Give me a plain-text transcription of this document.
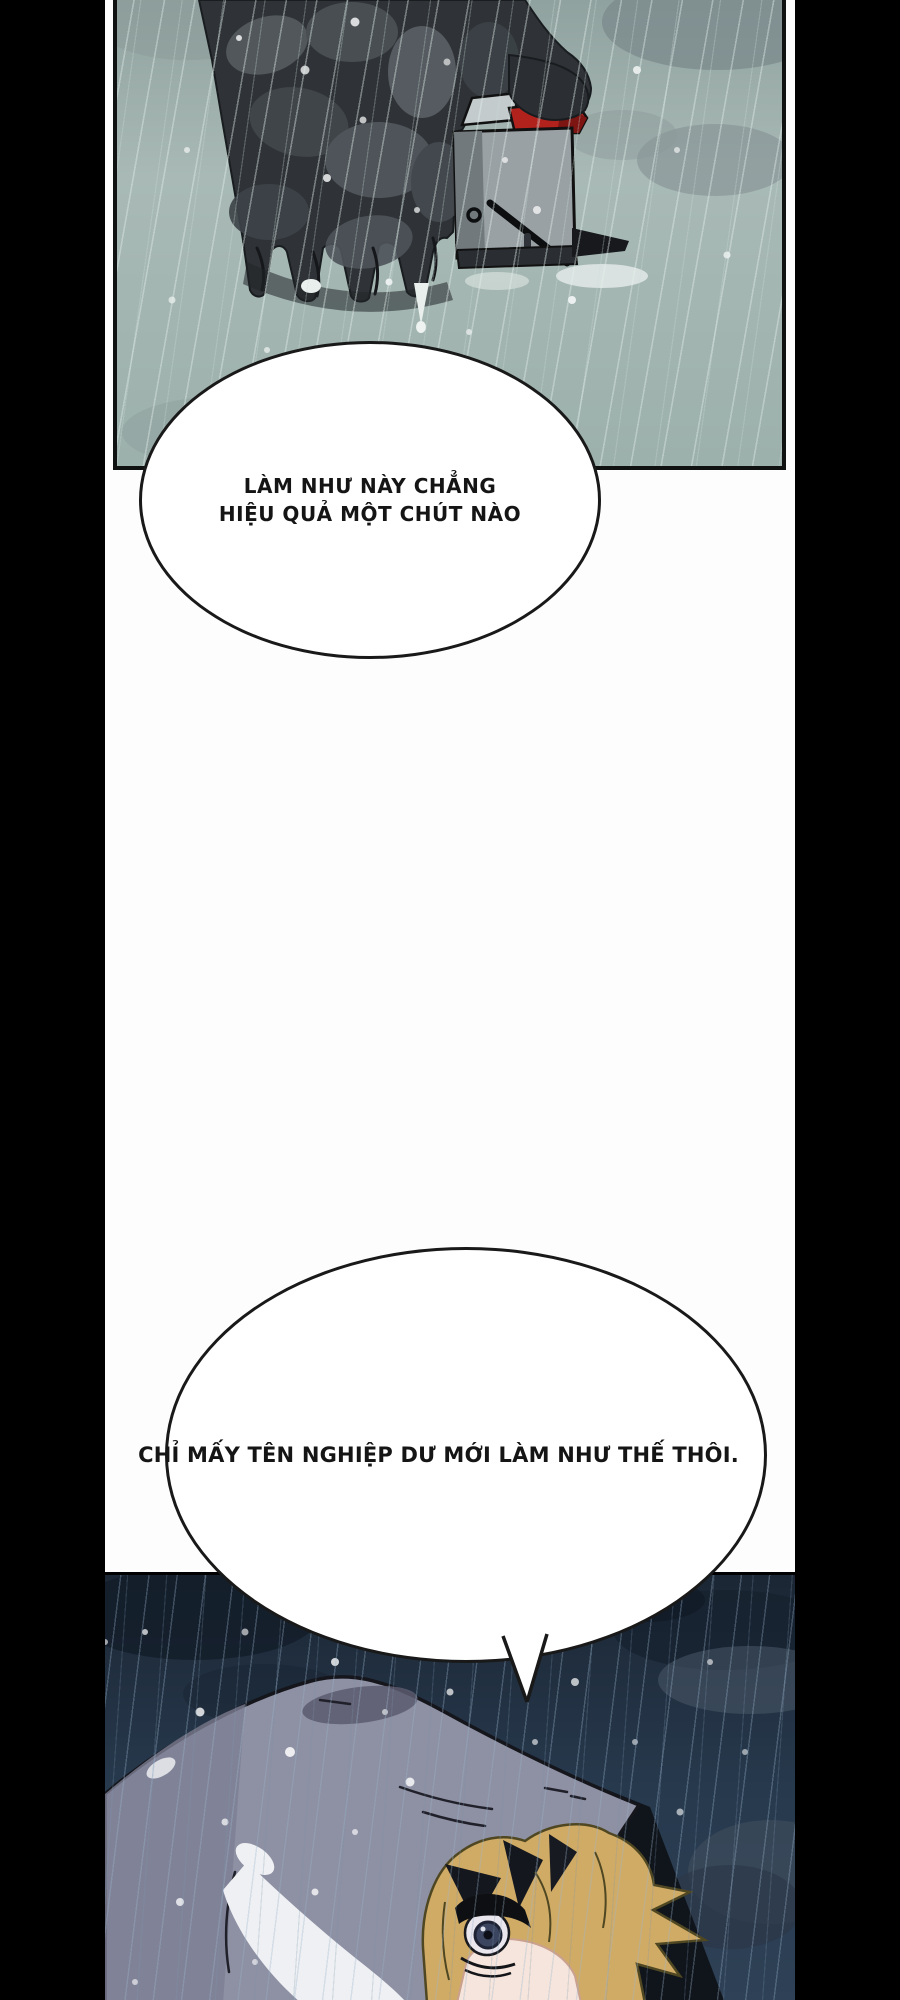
LÀM NHƯ NÀY CHẲNG
HIỆU QUẢ MỘT CHÚT NÀO
CHỈ MẤY TÊN NGHIỆP DƯ MỚI LÀM NHƯ THẾ THÔI.
